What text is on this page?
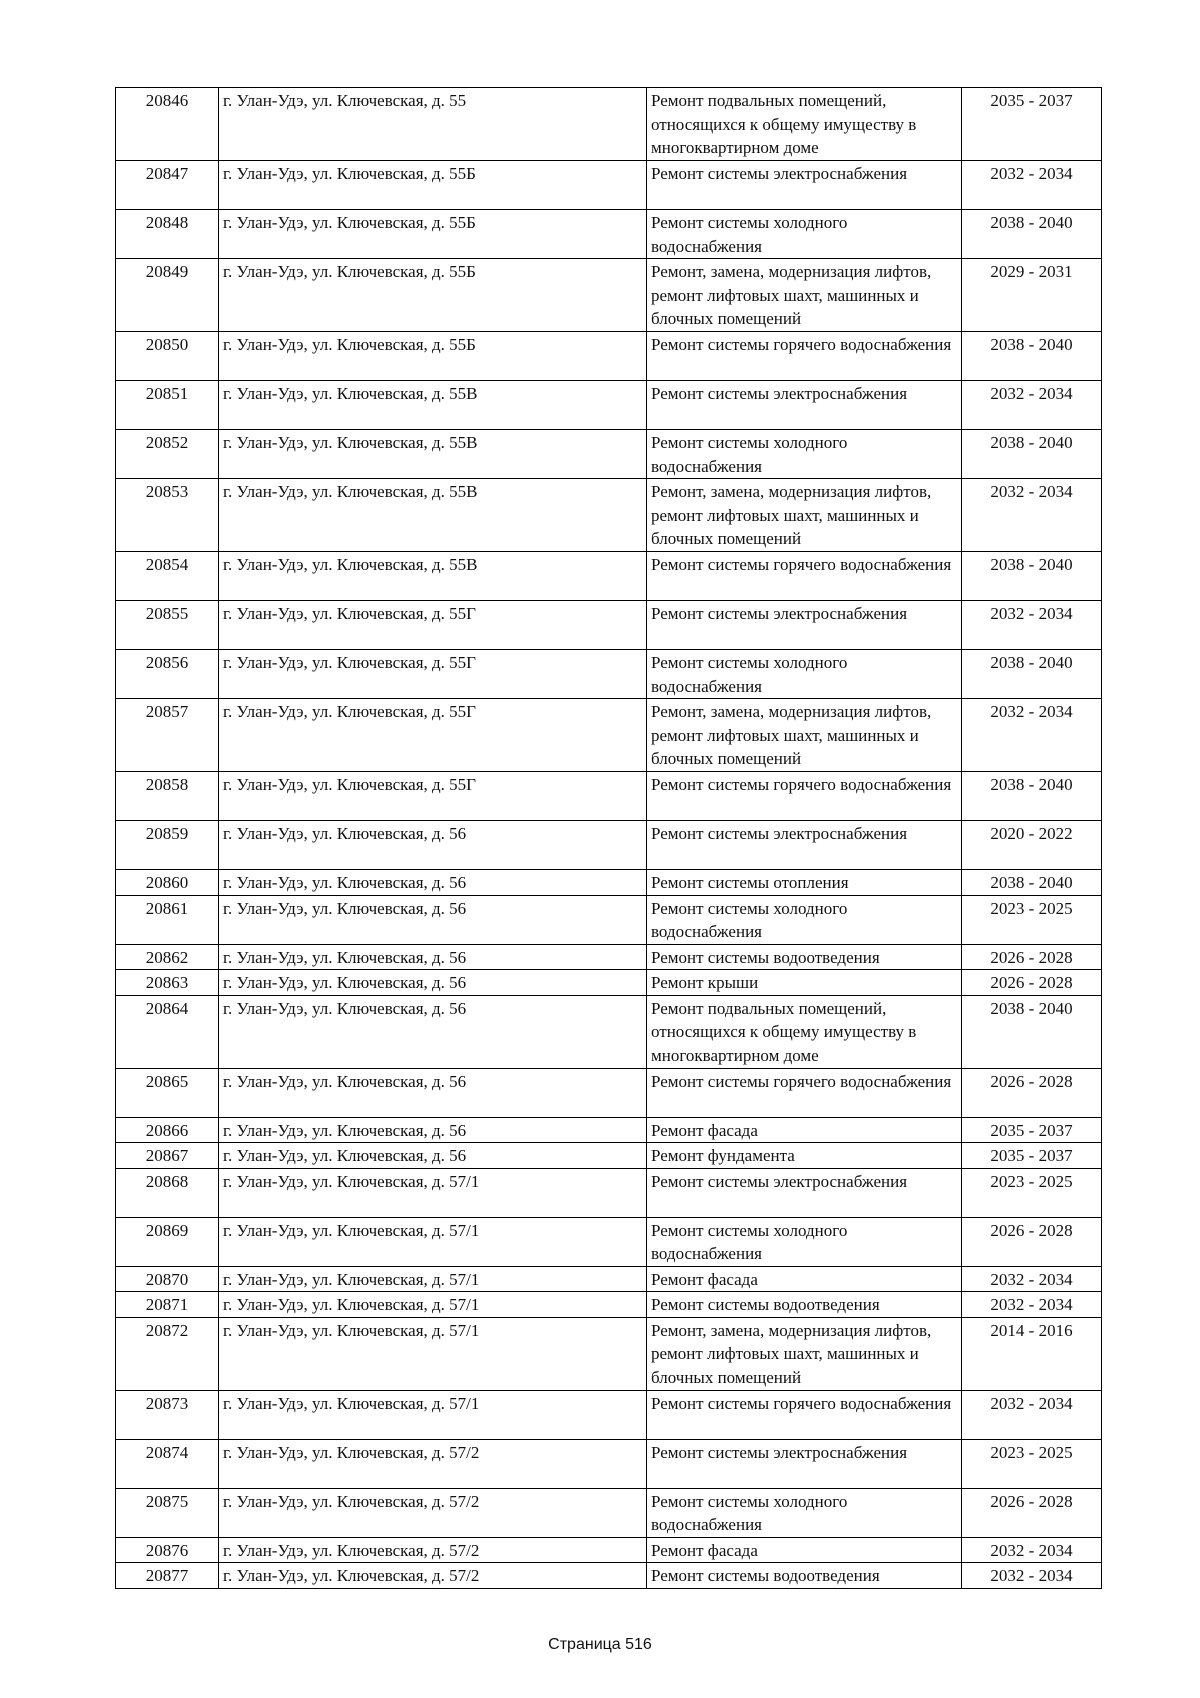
20846	г. Улан-Удэ, ул. Ключевская, д. 55	Ремонт подвальных помещений, относящихся к общему имуществу в многоквартирном доме	2035 - 2037
20847	г. Улан-Удэ, ул. Ключевская, д. 55Б	Ремонт системы электроснабжения	2032 - 2034
20848	г. Улан-Удэ, ул. Ключевская, д. 55Б	Ремонт системы холодного водоснабжения	2038 - 2040
20849	г. Улан-Удэ, ул. Ключевская, д. 55Б	Ремонт, замена, модернизация лифтов, ремонт лифтовых шахт, машинных и блочных помещений	2029 - 2031
20850	г. Улан-Удэ, ул. Ключевская, д. 55Б	Ремонт системы горячего водоснабжения	2038 - 2040
20851	г. Улан-Удэ, ул. Ключевская, д. 55В	Ремонт системы электроснабжения	2032 - 2034
20852	г. Улан-Удэ, ул. Ключевская, д. 55В	Ремонт системы холодного водоснабжения	2038 - 2040
20853	г. Улан-Удэ, ул. Ключевская, д. 55В	Ремонт, замена, модернизация лифтов, ремонт лифтовых шахт, машинных и блочных помещений	2032 - 2034
20854	г. Улан-Удэ, ул. Ключевская, д. 55В	Ремонт системы горячего водоснабжения	2038 - 2040
20855	г. Улан-Удэ, ул. Ключевская, д. 55Г	Ремонт системы электроснабжения	2032 - 2034
20856	г. Улан-Удэ, ул. Ключевская, д. 55Г	Ремонт системы холодного водоснабжения	2038 - 2040
20857	г. Улан-Удэ, ул. Ключевская, д. 55Г	Ремонт, замена, модернизация лифтов, ремонт лифтовых шахт, машинных и блочных помещений	2032 - 2034
20858	г. Улан-Удэ, ул. Ключевская, д. 55Г	Ремонт системы горячего водоснабжения	2038 - 2040
20859	г. Улан-Удэ, ул. Ключевская, д. 56	Ремонт системы электроснабжения	2020 - 2022
20860	г. Улан-Удэ, ул. Ключевская, д. 56	Ремонт системы отопления	2038 - 2040
20861	г. Улан-Удэ, ул. Ключевская, д. 56	Ремонт системы холодного водоснабжения	2023 - 2025
20862	г. Улан-Удэ, ул. Ключевская, д. 56	Ремонт системы водоотведения	2026 - 2028
20863	г. Улан-Удэ, ул. Ключевская, д. 56	Ремонт крыши	2026 - 2028
20864	г. Улан-Удэ, ул. Ключевская, д. 56	Ремонт подвальных помещений, относящихся к общему имуществу в многоквартирном доме	2038 - 2040
20865	г. Улан-Удэ, ул. Ключевская, д. 56	Ремонт системы горячего водоснабжения	2026 - 2028
20866	г. Улан-Удэ, ул. Ключевская, д. 56	Ремонт фасада	2035 - 2037
20867	г. Улан-Удэ, ул. Ключевская, д. 56	Ремонт фундамента	2035 - 2037
20868	г. Улан-Удэ, ул. Ключевская, д. 57/1	Ремонт системы электроснабжения	2023 - 2025
20869	г. Улан-Удэ, ул. Ключевская, д. 57/1	Ремонт системы холодного водоснабжения	2026 - 2028
20870	г. Улан-Удэ, ул. Ключевская, д. 57/1	Ремонт фасада	2032 - 2034
20871	г. Улан-Удэ, ул. Ключевская, д. 57/1	Ремонт системы водоотведения	2032 - 2034
20872	г. Улан-Удэ, ул. Ключевская, д. 57/1	Ремонт, замена, модернизация лифтов, ремонт лифтовых шахт, машинных и блочных помещений	2014 - 2016
20873	г. Улан-Удэ, ул. Ключевская, д. 57/1	Ремонт системы горячего водоснабжения	2032 - 2034
20874	г. Улан-Удэ, ул. Ключевская, д. 57/2	Ремонт системы электроснабжения	2023 - 2025
20875	г. Улан-Удэ, ул. Ключевская, д. 57/2	Ремонт системы холодного водоснабжения	2026 - 2028
20876	г. Улан-Удэ, ул. Ключевская, д. 57/2	Ремонт фасада	2032 - 2034
20877	г. Улан-Удэ, ул. Ключевская, д. 57/2	Ремонт системы водоотведения	2032 - 2034
Страница 516
